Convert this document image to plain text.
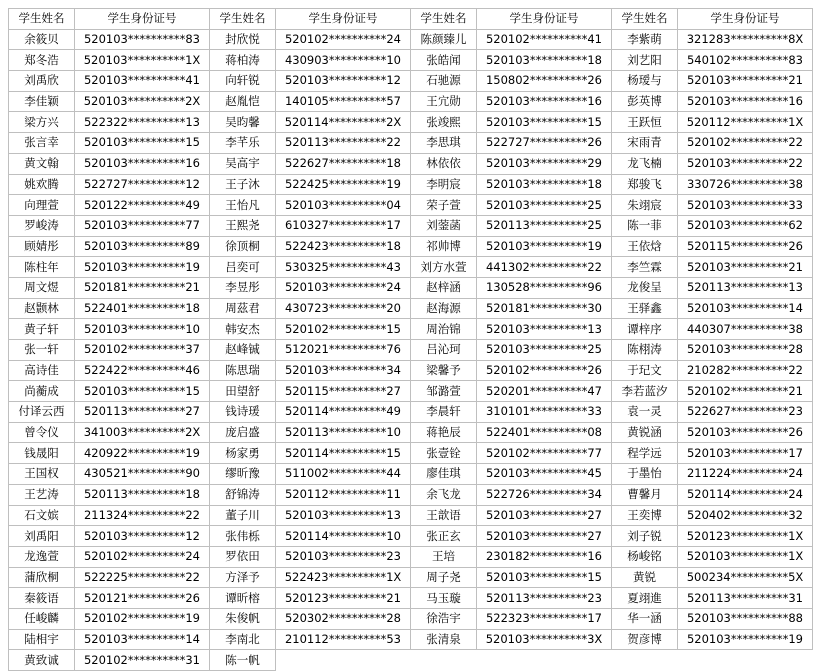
学生姓名	学生身份证号	学生姓名	学生身份证号	学生姓名	学生身份证号	学生姓名	学生身份证号
余筱贝	520103**********83	封欣悦	520102**********24	陈颜臻儿	520102**********41	李紫萌	321283**********8X
郑冬浩	520103**********1X	蒋柏涛	430903**********10	张皓闻	520103**********18	刘艺阳	540102**********83
刘禹欣	520103**********41	向轩锐	520103**********12	石驰源	150802**********26	杨瑷与	520103**********21
李佳颖	520103**********2X	赵胤恺	140105**********57	王宂勋	520103**********16	彭英博	520103**********16
梁方兴	522322**********13	吴昀馨	520114**********2X	张竣熙	520103**********15	王跃恒	520112**********1X
张言幸	520103**********15	李芊乐	520113**********22	李思琪	522727**********26	宋雨青	520102**********22
黄文翰	520103**********16	吴高宇	522627**********18	林依依	520103**********29	龙飞楠	520103**********22
姚欢腾	522727**********12	王子沐	522425**********19	李明宸	520103**********18	郑骏飞	330726**********38
向理萱	520122**********49	王怡凡	520103**********04	荣子萱	520103**********25	朱翊宸	520103**********33
罗峻涛	520103**********77	王熙尧	610327**********17	刘蓥菡	520113**********25	陈一菲	520103**********62
顾婧彤	520103**********89	徐顶桐	522423**********18	祁帅博	520103**********19	王依焓	520115**********26
陈柱年	520103**********19	吕奕可	530325**********43	刘方水萱	441302**********22	李竺霖	520103**********21
周文煜	520181**********21	李昱彤	520103**********24	赵梓涵	130528**********96	龙俊呈	520113**********13
赵颢林	522401**********18	周茲君	430723**********20	赵海源	520181**********30	王驿鑫	520103**********14
黄子轩	520103**********10	韩安杰	520102**********15	周治锦	520103**********13	谭梓序	440307**********38
张一轩	520102**********37	赵峰铖	512021**********76	吕沁珂	520103**********25	陈栩涛	520103**********28
高诗佳	522422**********46	陈思瑞	520103**********34	梁馨予	520102**********26	于玘文	210282**********22
尚蘅成	520103**********15	田望舒	520115**********27	邹潞萱	520201**********47	李若蓝汐	520102**********21
付译云西	520113**********27	钱诗瑗	520114**********49	李晨轩	310101**********33	袁一灵	522627**********23
曾令仪	341003**********2X	庞启盛	520113**********10	蒋艳辰	522401**********08	黄锐涵	520103**********26
钱晟阳	420922**********19	杨家勇	520114**********15	张壹铨	520102**********77	程学远	520103**********17
王国权	430521**********90	缪昕豫	511002**********44	廖佳琪	520103**********45	于墨怡	211224**********24
王艺涛	520113**********18	舒锦涛	520112**********11	余飞龙	522726**********34	曹馨月	520114**********24
石文嫔	211324**********22	董子川	520103**********13	王歆语	520103**********27	王奕博	520402**********32
刘禹阳	520103**********12	张伟栎	520114**********10	张正玄	520103**********27	刘子锐	520123**********1X
龙逸萱	520102**********24	罗依田	520103**********23	王培	230182**********16	杨峻铭	520103**********1X
蒲欣桐	522225**********22	方泽予	522423**********1X	周子尧	520103**********15	黄锐	500234**********5X
秦筱语	520121**********26	谭昕榕	520123**********21	马玉璇	520113**********23	夏翊進	520113**********31
任峻麟	520102**********19	朱俊帆	520302**********28	徐浩宇	522323**********17	华一涵	520103**********88
陆相宇	520103**********14	李南北	210112**********53	张清泉	520103**********3X	贺彦博	520103**********19
黄致诚	520102**********31	陈一帆					
